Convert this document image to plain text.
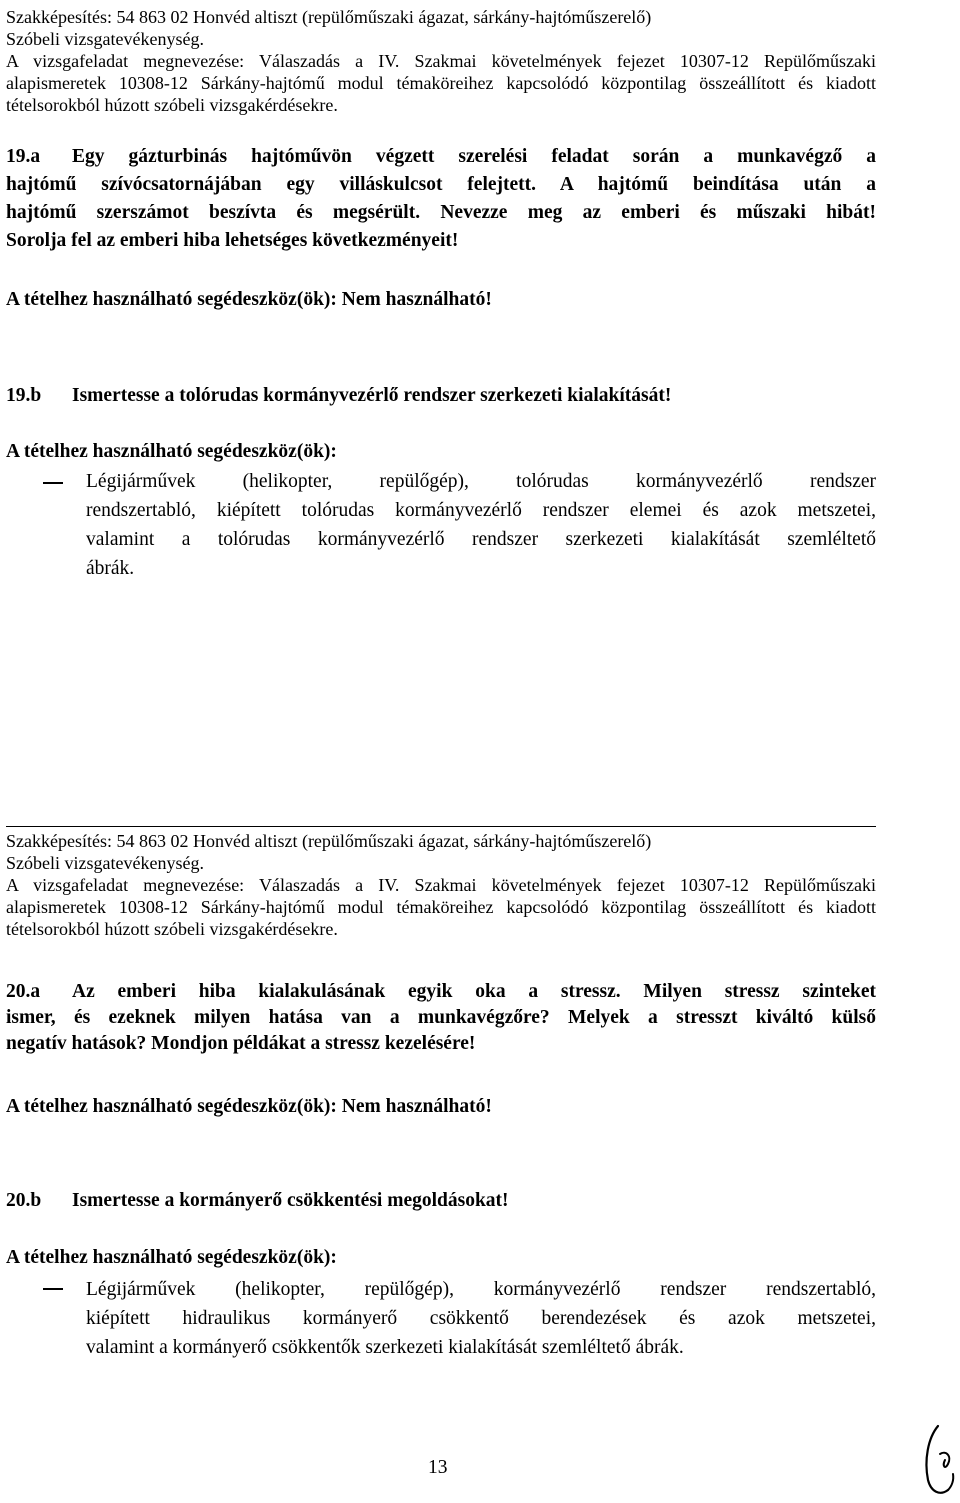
Szakképesítés: 54 863 02 Honvéd altiszt (repülőműszaki ágazat, sárkány-hajtóműszerelő)
Szóbeli vizsgatevékenység.
A vizsgafeladat megnevezése: Válaszadás a IV. Szakmai követelmények fejezet 10307-12 Repülőműszaki
alapismeretek 10308-12 Sárkány-hajtómű modul témaköreihez kapcsolódó központilag összeállított és kiadott
tételsorokból húzott szóbeli vizsgakérdésekre.
19.a Egy gázturbinás hajtóművön végzett szerelési feladat során a munkavégző a
hajtómű szívócsatornájában egy villáskulcsot felejtett. A hajtómű beindítása után a
hajtómű szerszámot beszívta és megsérült. Nevezze meg az emberi és műszaki hibát!
Sorolja fel az emberi hiba lehetséges következményeit!
A tételhez használható segédeszköz(ök): Nem használható!
19.b Ismertesse a tolórudas kormányvezérlő rendszer szerkezeti kialakítását!
A tételhez használható segédeszköz(ök):
Légijárművek (helikopter, repülőgép), tolórudas kormányvezérlő rendszer
rendszertabló, kiépített tolórudas kormányvezérlő rendszer elemei és azok metszetei,
valamint a tolórudas kormányvezérlő rendszer szerkezeti kialakítását szemléltető
ábrák.
Szakképesítés: 54 863 02 Honvéd altiszt (repülőműszaki ágazat, sárkány-hajtóműszerelő)
Szóbeli vizsgatevékenység.
A vizsgafeladat megnevezése: Válaszadás a IV. Szakmai követelmények fejezet 10307-12 Repülőműszaki
alapismeretek 10308-12 Sárkány-hajtómű modul témaköreihez kapcsolódó központilag összeállított és kiadott
tételsorokból húzott szóbeli vizsgakérdésekre.
20.a Az emberi hiba kialakulásának egyik oka a stressz. Milyen stressz szinteket
ismer, és ezeknek milyen hatása van a munkavégzőre? Melyek a stresszt kiváltó külső
negatív hatások? Mondjon példákat a stressz kezelésére!
A tételhez használható segédeszköz(ök): Nem használható!
20.b Ismertesse a kormányerő csökkentési megoldásokat!
A tételhez használható segédeszköz(ök):
Légijárművek (helikopter, repülőgép), kormányvezérlő rendszer rendszertabló,
kiépített hidraulikus kormányerő csökkentő berendezések és azok metszetei,
valamint a kormányerő csökkentők szerkezeti kialakítását szemléltető ábrák.
13
